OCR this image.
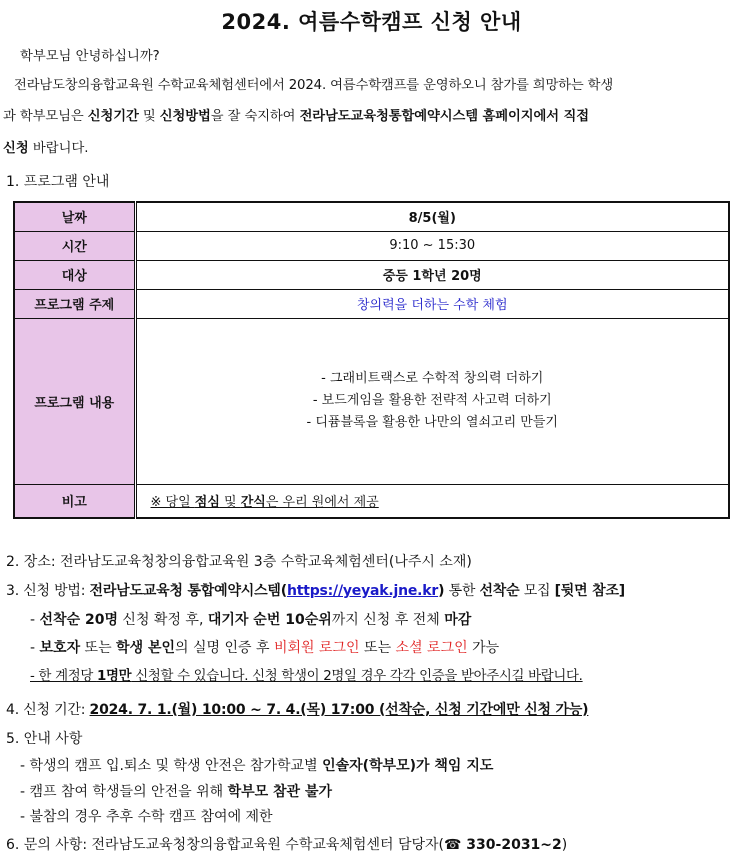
2024. 여름수학캠프 신청 안내
학부모님 안녕하십니까?
전라남도창의융합교육원 수학교육체험센터에서 2024. 여름수학캠프를 운영하오니 참가를 희망하는 학생
과 학부모님은 신청기간 및 신청방법을 잘 숙지하여 전라남도교육청통합예약시스템 홈페이지에서 직접
신청 바랍니다.
1. 프로그램 안내
날짜	8/5(월)
시간	9:10 ~ 15:30
대상	중등 1학년 20명
프로그램 주제	창의력을 더하는 수학 체험
프로그램 내용	- 그래비트랙스로 수학적 창의력 더하기
- 보드게임을 활용한 전략적 사고력 더하기
- 디퓸블록을 활용한 나만의 열쇠고리 만들기

비고	※ 당일 점심 및 간식은 우리 원에서 제공
2. 장소: 전라남도교육청창의융합교육원 3층 수학교육체험센터(나주시 소재)
3. 신청 방법: 전라남도교육청 통합예약시스템(https://yeyak.jne.kr) 통한 선착순 모집 [뒷면 참조]
- 선착순 20명 신청 확정 후, 대기자 순번 10순위까지 신청 후 전체 마감
- 보호자 또는 학생 본인의 실명 인증 후 비회원 로그인 또는 소셜 로그인 가능
- 한 계정당 1명만 신청할 수 있습니다. 신청 학생이 2명일 경우 각각 인증을 받아주시길 바랍니다.
4. 신청 기간: 2024. 7. 1.(월) 10:00 ~ 7. 4.(목) 17:00 (선착순, 신청 기간에만 신청 가능)
5. 안내 사항
- 학생의 캠프 입.퇴소 및 학생 안전은 참가학교별 인솔자(학부모)가 책임 지도
- 캠프 참여 학생들의 안전을 위해 학부모 참관 불가
- 불참의 경우 추후 수학 캠프 참여에 제한
6. 문의 사항: 전라남도교육청창의융합교육원 수학교육체험센터 담당자(☎ 330-2031~2)
